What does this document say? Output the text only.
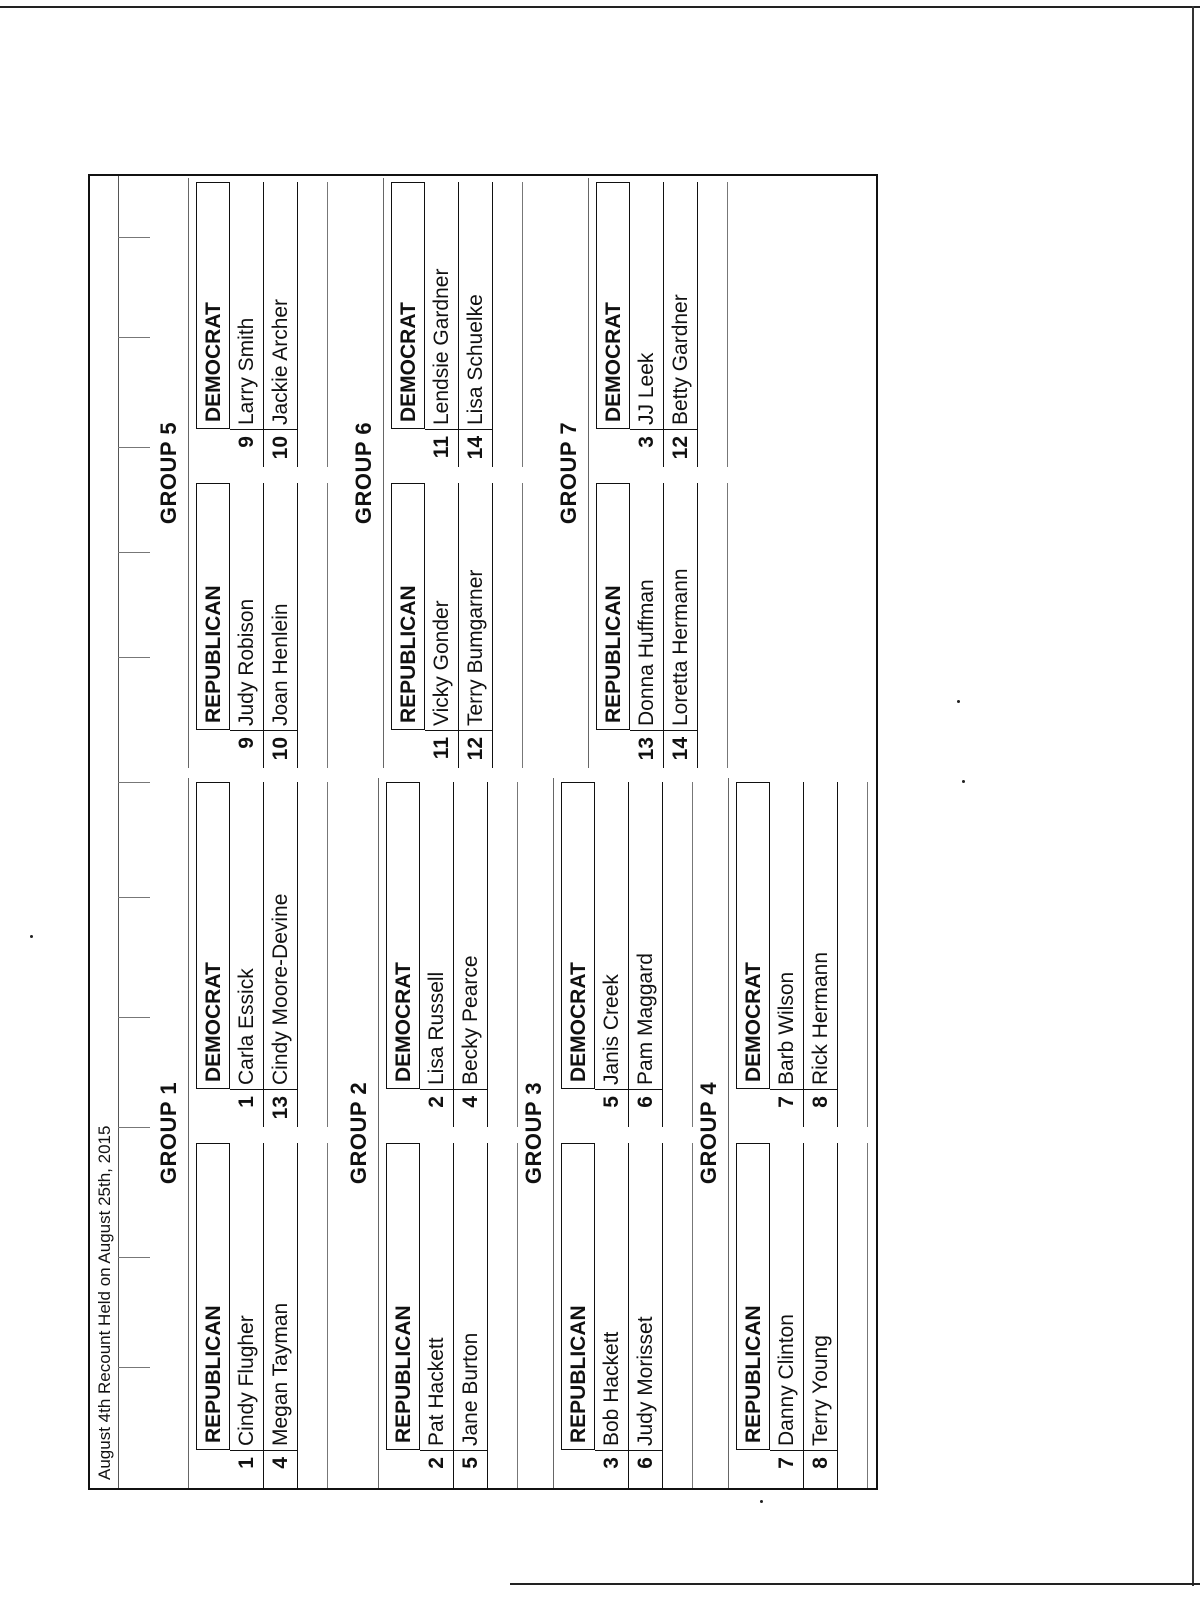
August 4th Recount Held on August 25th, 2015 GROUP 1
REPUBLICAN
1
Cindy Flugher
4
Megan Tayman
DEMOCRAT
1
Carla Essick
13
Cindy Moore-Devine
GROUP 2
REPUBLICAN
2
Pat Hackett
5
Jane Burton
DEMOCRAT
2
Lisa Russell
4
Becky Pearce
GROUP 3
REPUBLICAN
3
Bob Hackett
6
Judy Morisset
DEMOCRAT
5
Janis Creek
6
Pam Maggard
GROUP 4
REPUBLICAN
7
Danny Clinton
8
Terry Young
DEMOCRAT
7
Barb Wilson
8
Rick Hermann
GROUP 5
REPUBLICAN
9
Judy Robison
10
Joan Henlein
DEMOCRAT
9
Larry Smith
10
Jackie Archer
GROUP 6
REPUBLICAN
11
Vicky Gonder
12
Terry Bumgarner
DEMOCRAT
11
Lendsie Gardner
14
Lisa Schuelke
GROUP 7
REPUBLICAN
13
Donna Huffman
14
Loretta Hermann
DEMOCRAT
3
JJ Leek
12
Betty Gardner
